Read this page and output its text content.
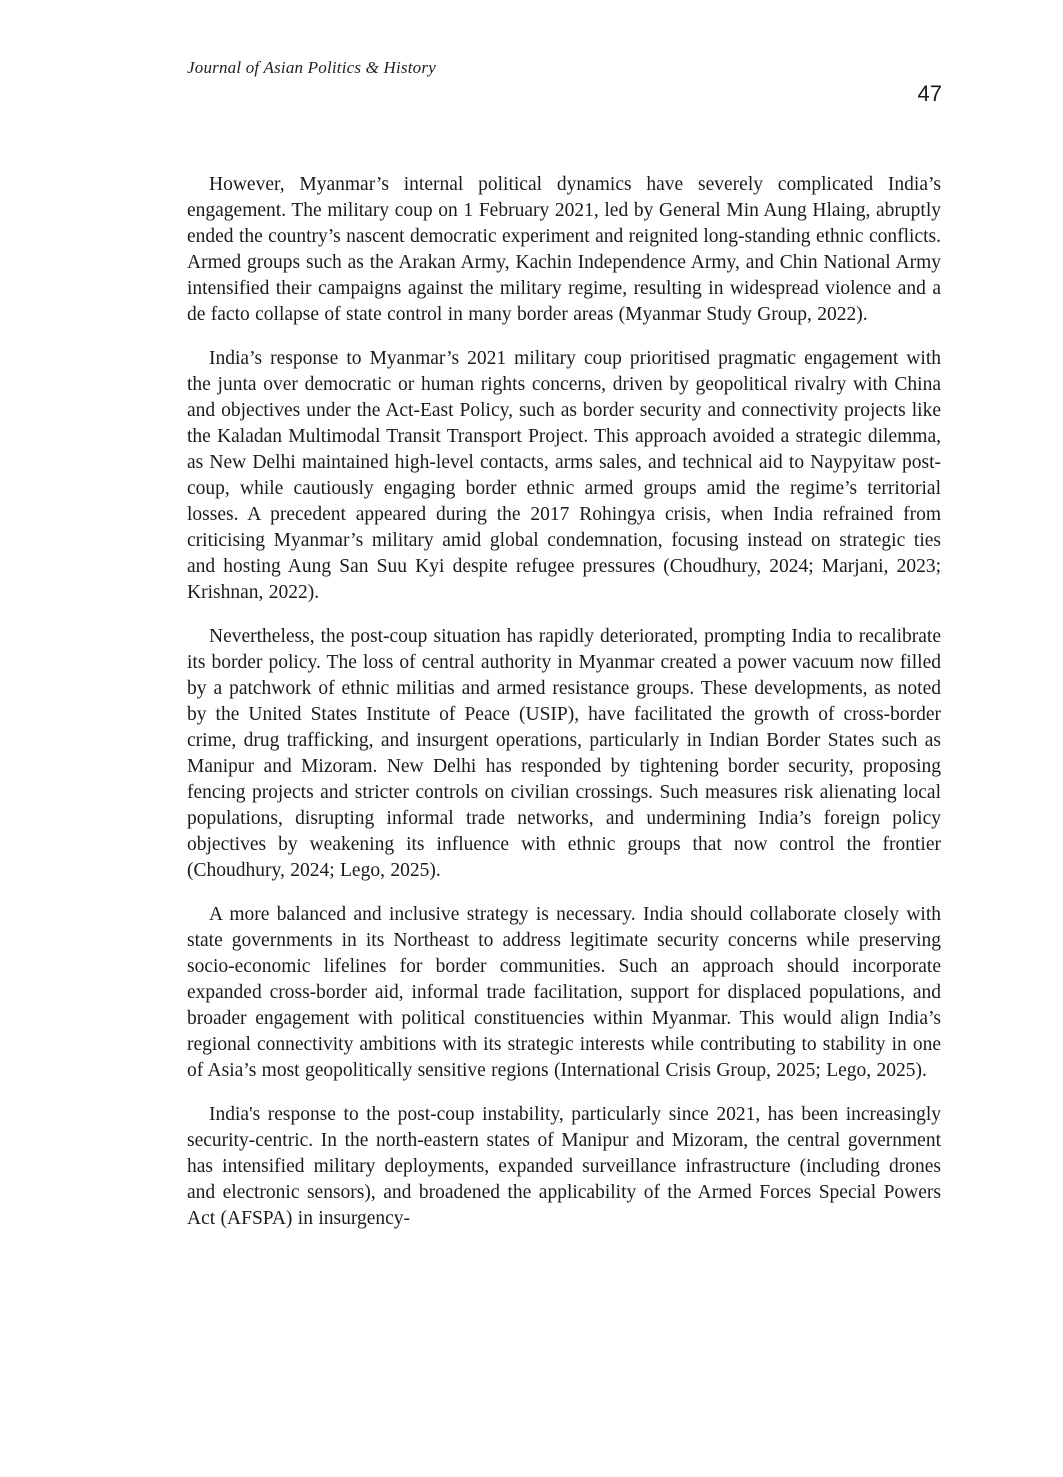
Journal of Asian Politics & History
47

However, Myanmar’s internal political dynamics have severely complicated India’s engagement. The military coup on 1 February 2021, led by General Min Aung Hlaing, abruptly ended the country’s nascent democratic experiment and reignited long-standing ethnic conflicts. Armed groups such as the Arakan Army, Kachin Independence Army, and Chin National Army intensified their campaigns against the military regime, resulting in widespread violence and a de facto collapse of state control in many border areas (Myanmar Study Group, 2022).

India’s response to Myanmar’s 2021 military coup prioritised pragmatic engagement with the junta over democratic or human rights concerns, driven by geopolitical rivalry with China and objectives under the Act-East Policy, such as border security and connectivity projects like the Kaladan Multimodal Transit Transport Project. This approach avoided a strategic dilemma, as New Delhi maintained high-level contacts, arms sales, and technical aid to Naypyitaw post-coup, while cautiously engaging border ethnic armed groups amid the regime’s territorial losses. A precedent appeared during the 2017 Rohingya crisis, when India refrained from criticising Myanmar’s military amid global condemnation, focusing instead on strategic ties and hosting Aung San Suu Kyi despite refugee pressures (Choudhury, 2024; Marjani, 2023; Krishnan, 2022).

Nevertheless, the post-coup situation has rapidly deteriorated, prompting India to recalibrate its border policy. The loss of central authority in Myanmar created a power vacuum now filled by a patchwork of ethnic militias and armed resistance groups. These developments, as noted by the United States Institute of Peace (USIP), have facilitated the growth of cross-border crime, drug trafficking, and insurgent operations, particularly in Indian Border States such as Manipur and Mizoram. New Delhi has responded by tightening border security, proposing fencing projects and stricter controls on civilian crossings. Such measures risk alienating local populations, disrupting informal trade networks, and undermining India’s foreign policy objectives by weakening its influence with ethnic groups that now control the frontier (Choudhury, 2024; Lego, 2025).

A more balanced and inclusive strategy is necessary. India should collaborate closely with state governments in its Northeast to address legitimate security concerns while preserving socio-economic lifelines for border communities. Such an approach should incorporate expanded cross-border aid, informal trade facilitation, support for displaced populations, and broader engagement with political constituencies within Myanmar. This would align India’s regional connectivity ambitions with its strategic interests while contributing to stability in one of Asia’s most geopolitically sensitive regions (International Crisis Group, 2025; Lego, 2025).

India's response to the post-coup instability, particularly since 2021, has been increasingly security-centric. In the north-eastern states of Manipur and Mizoram, the central government has intensified military deployments, expanded surveillance infrastructure (including drones and electronic sensors), and broadened the applicability of the Armed Forces Special Powers Act (AFSPA) in insurgency-
